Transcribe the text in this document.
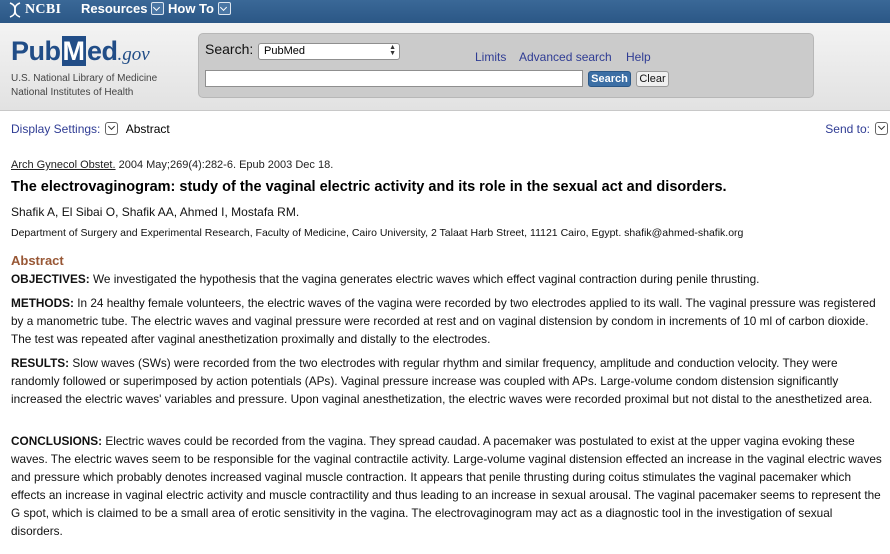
NCBI Resources How To
PubMed.gov
U.S. National Library of Medicine
National Institutes of Health
Search: PubMed	▲
▼
Search	Clear
Limits Advanced search Help
Display Settings: Abstract	Send to:
Arch Gynecol Obstet. 2004 May;269(4):282-6. Epub 2003 Dec 18.
The electrovaginogram: study of the vaginal electric activity and its role in the sexual act and disorders.
Shafik A, El Sibai O, Shafik AA, Ahmed I, Mostafa RM.
Department of Surgery and Experimental Research, Faculty of Medicine, Cairo University, 2 Talaat Harb Street, 11121 Cairo, Egypt. shafik@ahmed-shafik.org
Abstract

OBJECTIVES: We investigated the hypothesis that the vagina generates electric waves which effect vaginal contraction during penile thrusting.

METHODS: In 24 healthy female volunteers, the electric waves of the vagina were recorded by two electrodes applied to its wall. The vaginal pressure was registered by a manometric tube. The electric waves and vaginal pressure were recorded at rest and on vaginal distension by condom in increments of 10 ml of carbon dioxide. The test was repeated after vaginal anesthetization proximally and distally to the electrodes.

RESULTS: Slow waves (SWs) were recorded from the two electrodes with regular rhythm and similar frequency, amplitude and conduction velocity. They were randomly followed or superimposed by action potentials (APs). Vaginal pressure increase was coupled with APs. Large-volume condom distension significantly increased the electric waves' variables and pressure. Upon vaginal anesthetization, the electric waves were recorded proximal but not distal to the anesthetized area.

CONCLUSIONS: Electric waves could be recorded from the vagina. They spread caudad. A pacemaker was postulated to exist at the upper vagina evoking these waves. The electric waves seem to be responsible for the vaginal contractile activity. Large-volume vaginal distension effected an increase in the vaginal electric waves and pressure which probably denotes increased vaginal muscle contraction. It appears that penile thrusting during coitus stimulates the vaginal pacemaker which effects an increase in vaginal electric activity and muscle contractility and thus leading to an increase in sexual arousal. The vaginal pacemaker seems to represent the G spot, which is claimed to be a small area of erotic sensitivity in the vagina. The electrovaginogram may act as a diagnostic tool in the investigation of sexual disorders.
